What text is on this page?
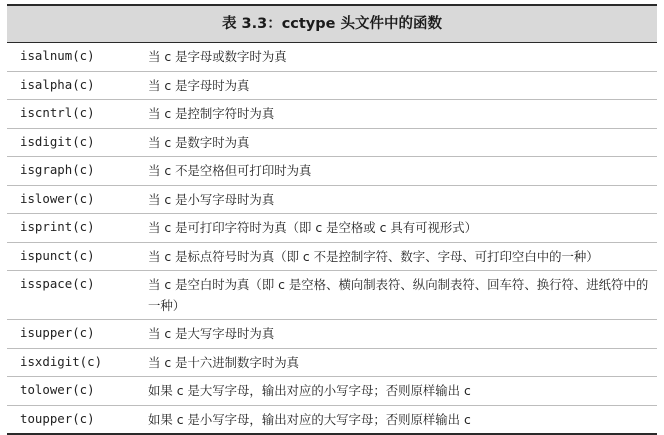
表 3.3：cctype 头文件中的函数
isalnum(c)	当 c 是字母或数字时为真
isalpha(c)	当 c 是字母时为真
iscntrl(c)	当 c 是控制字符时为真
isdigit(c)	当 c 是数字时为真
isgraph(c)	当 c 不是空格但可打印时为真
islower(c)	当 c 是小写字母时为真
isprint(c)	当 c 是可打印字符时为真（即 c 是空格或 c 具有可视形式）
ispunct(c)	当 c 是标点符号时为真（即 c 不是控制字符、数字、字母、可打印空白中的一种）
isspace(c)	当 c 是空白时为真（即 c 是空格、横向制表符、纵向制表符、回车符、换行符、进纸符中的一种）
isupper(c)	当 c 是大写字母时为真
isxdigit(c)	当 c 是十六进制数字时为真
tolower(c)	如果 c 是大写字母，输出对应的小写字母；否则原样输出 c
toupper(c)	如果 c 是小写字母，输出对应的大写字母；否则原样输出 c
